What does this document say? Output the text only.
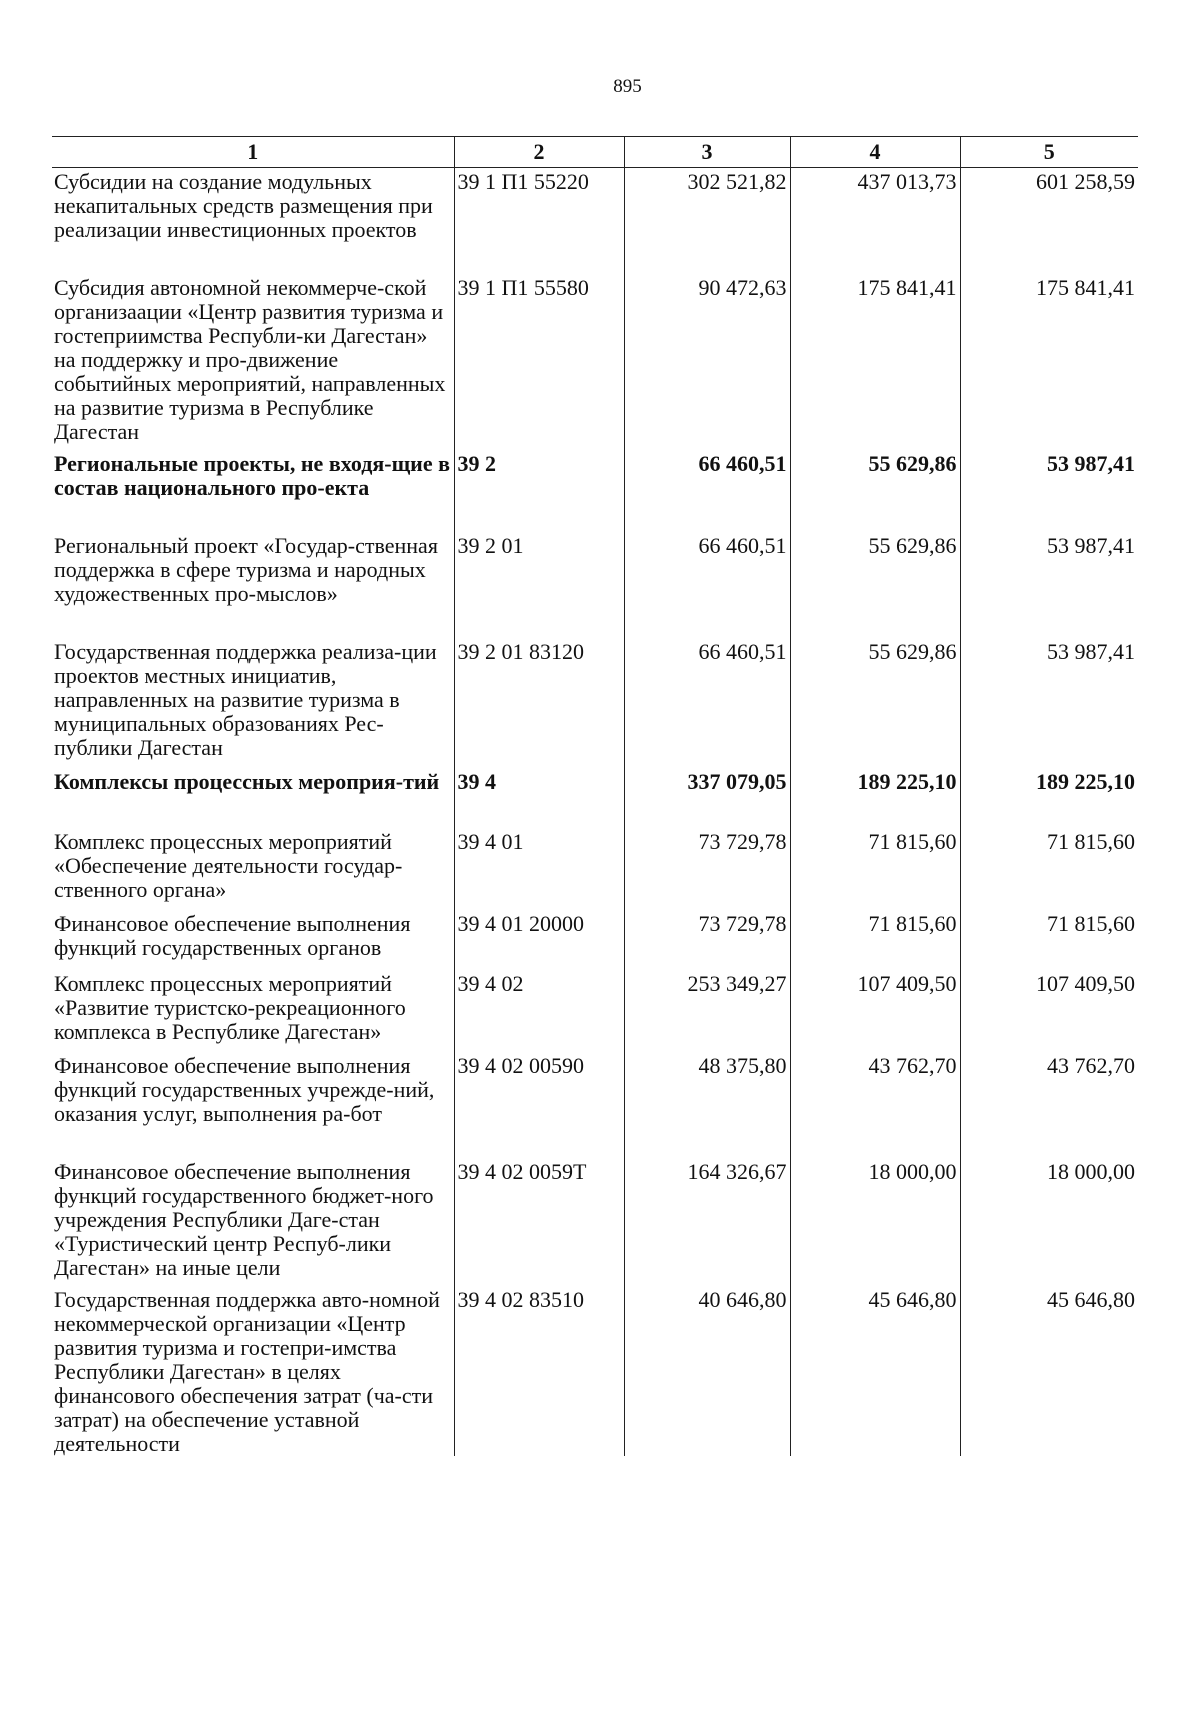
895
1	2	3	4	5
Субсидии на создание модульных некапитальных средств размещения при реализации инвестиционных проектов	39 1 П1 55220	302 521,82	437 013,73	601 258,59
Субсидия автономной некоммерче-ской организаации «Центр развития туризма и гостеприимства Республи-ки Дагестан» на поддержку и про-движение событийных мероприятий, направленных на развитие туризма в Республике Дагестан	39 1 П1 55580	90 472,63	175 841,41	175 841,41
Региональные проекты, не входя-щие в состав национального про-екта	39 2	66 460,51	55 629,86	53 987,41
Региональный проект «Государ-ственная поддержка в сфере туризма и народных художественных про-мыслов»	39 2 01	66 460,51	55 629,86	53 987,41
Государственная поддержка реализа-ции проектов местных инициатив, направленных на развитие туризма в муниципальных образованиях Рес-публики Дагестан	39 2 01 83120	66 460,51	55 629,86	53 987,41
Комплексы процессных мероприя-тий	39 4	337 079,05	189 225,10	189 225,10
Комплекс процессных мероприятий «Обеспечение деятельности государ-ственного органа»	39 4 01	73 729,78	71 815,60	71 815,60
Финансовое обеспечение выполнения функций государственных органов	39 4 01 20000	73 729,78	71 815,60	71 815,60
Комплекс процессных мероприятий «Развитие туристско-рекреационного комплекса в Республике Дагестан»	39 4 02	253 349,27	107 409,50	107 409,50
Финансовое обеспечение выполнения функций государственных учрежде-ний, оказания услуг, выполнения ра-бот	39 4 02 00590	48 375,80	43 762,70	43 762,70
Финансовое обеспечение выполнения функций государственного бюджет-ного учреждения Республики Даге-стан «Туристический центр Респуб-лики Дагестан» на иные цели	39 4 02 0059Т	164 326,67	18 000,00	18 000,00
Государственная поддержка авто-номной некоммерческой организации «Центр развития туризма и гостепри-имства Республики Дагестан» в целях финансового обеспечения затрат (ча-сти затрат) на обеспечение уставной деятельности	39 4 02 83510	40 646,80	45 646,80	45 646,80
